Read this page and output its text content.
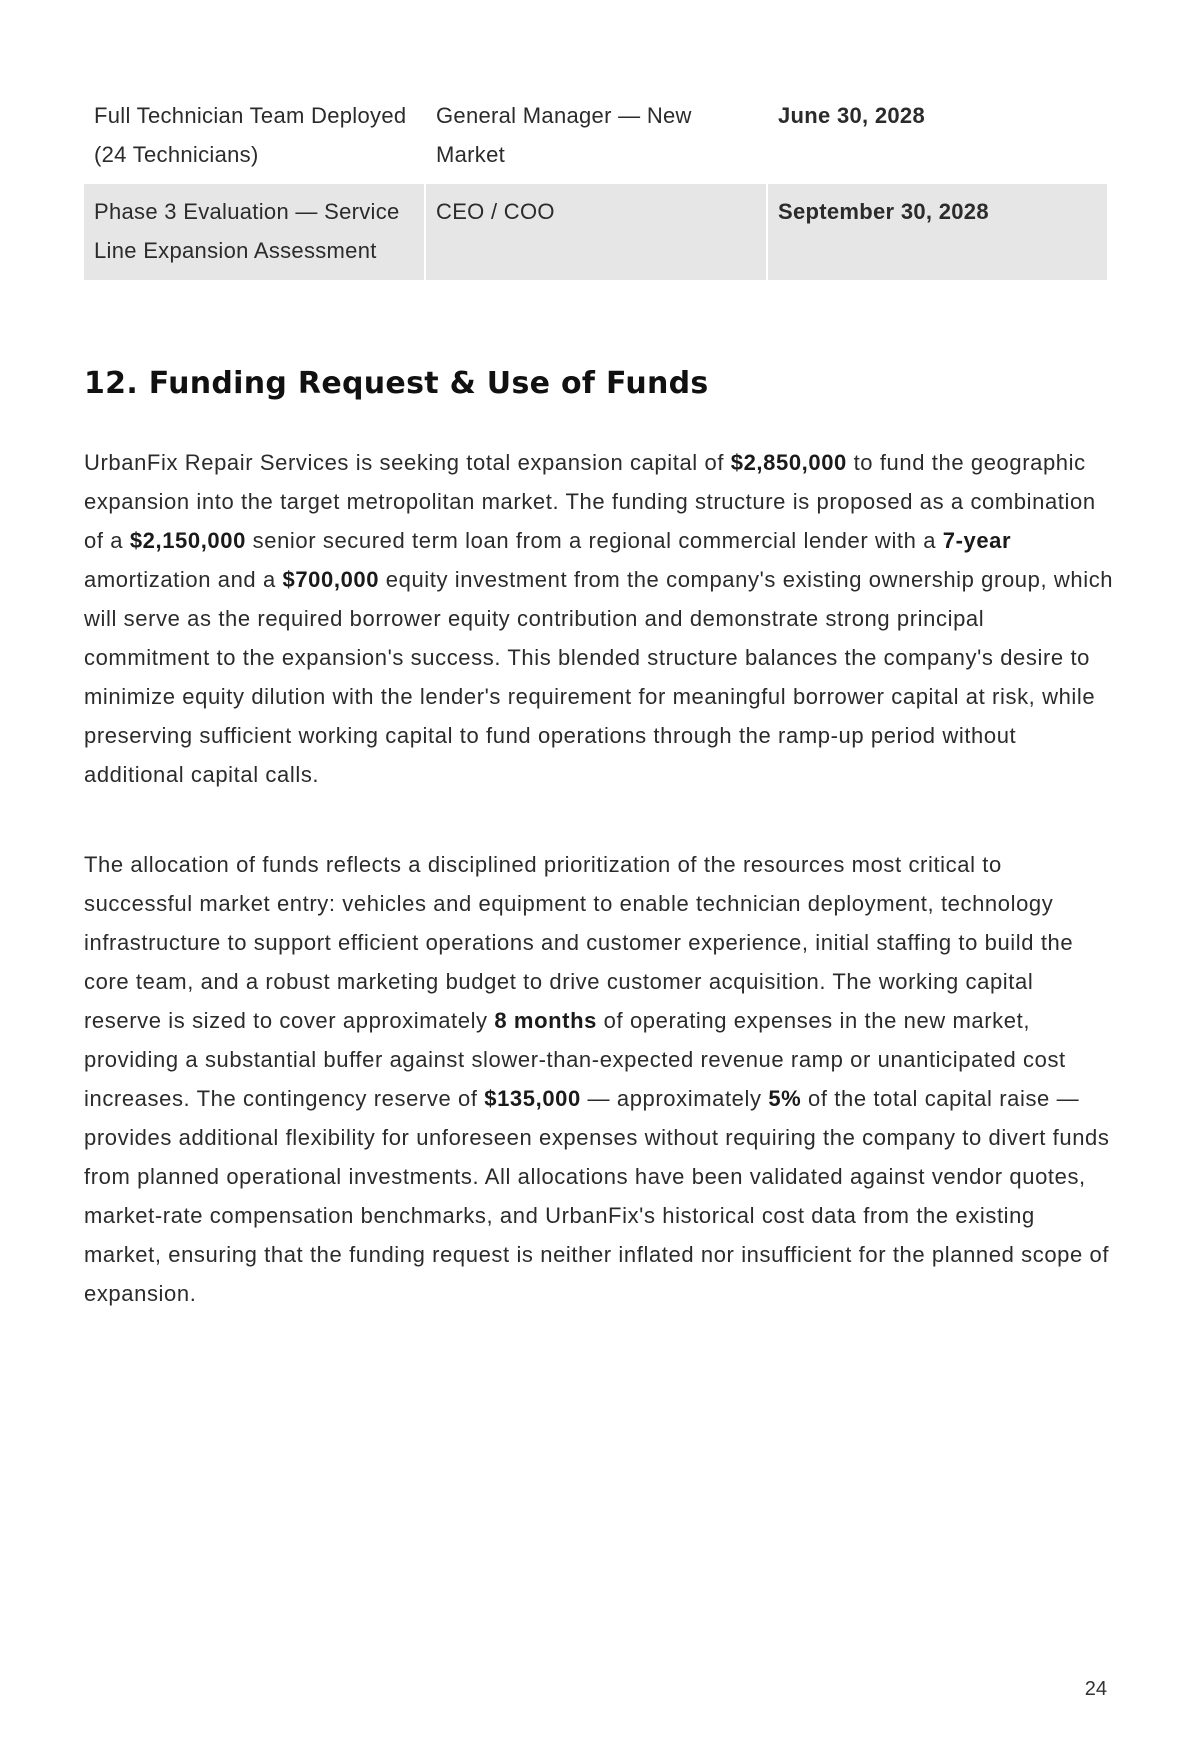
Full Technician Team Deployed (24 Technicians)	General Manager — New Market	June 30, 2028
Phase 3 Evaluation — Service Line Expansion Assessment	CEO / COO	September 30, 2028
12. Funding Request & Use of Funds

UrbanFix Repair Services is seeking total expansion capital of $2,850,000 to fund the geographic expansion into the target metropolitan market. The funding structure is proposed as a combination of a $2,150,000 senior secured term loan from a regional commercial lender with a 7-year amortization and a $700,000 equity investment from the company's existing ownership group, which will serve as the required borrower equity contribution and demonstrate strong principal commitment to the expansion's success. This blended structure balances the company's desire to minimize equity dilution with the lender's requirement for meaningful borrower capital at risk, while preserving sufficient working capital to fund operations through the ramp-up period without additional capital calls.

The allocation of funds reflects a disciplined prioritization of the resources most critical to successful market entry: vehicles and equipment to enable technician deployment, technology infrastructure to support efficient operations and customer experience, initial staffing to build the core team, and a robust marketing budget to drive customer acquisition. The working capital reserve is sized to cover approximately 8 months of operating expenses in the new market, providing a substantial buffer against slower-than-expected revenue ramp or unanticipated cost increases. The contingency reserve of $135,000 — approximately 5% of the total capital raise — provides additional flexibility for unforeseen expenses without requiring the company to divert funds from planned operational investments. All allocations have been validated against vendor quotes, market-rate compensation benchmarks, and UrbanFix's historical cost data from the existing market, ensuring that the funding request is neither inflated nor insufficient for the planned scope of expansion.

24
